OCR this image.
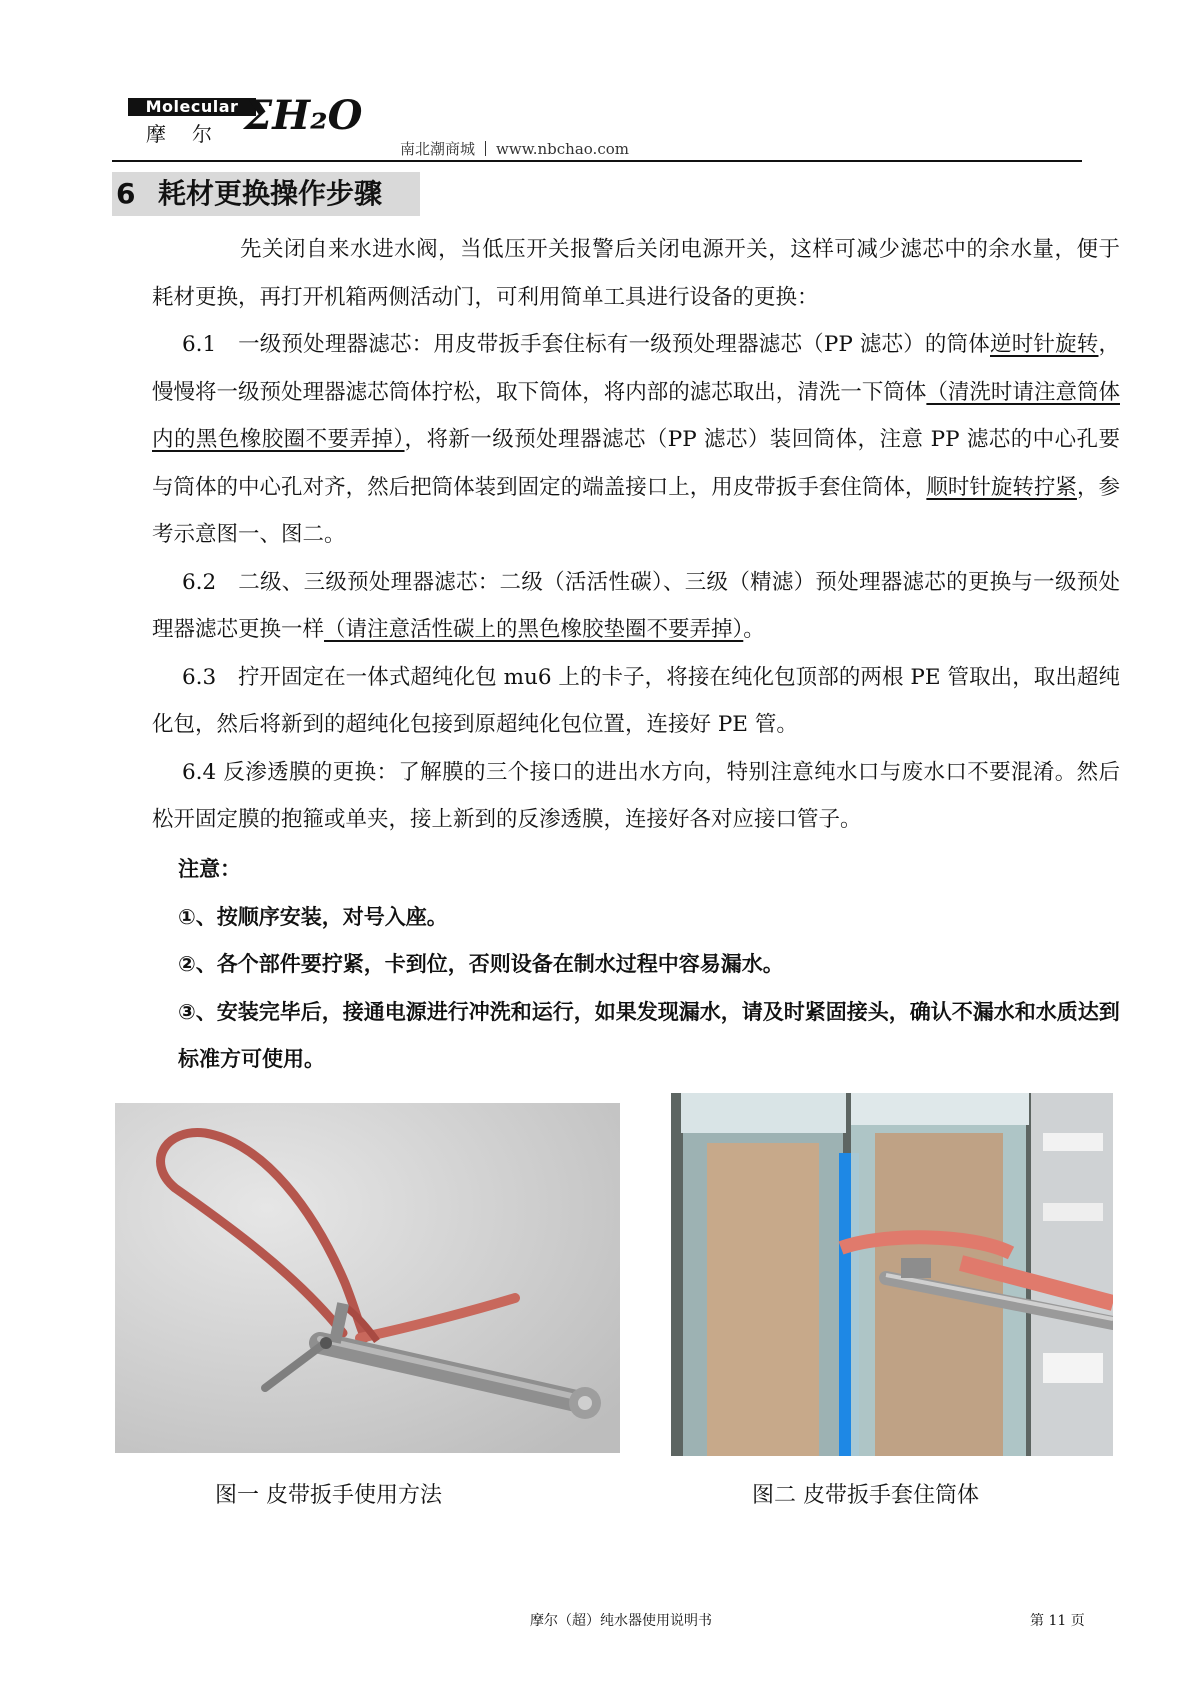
Molecular
摩尔 ΣH₂O
南北潮商城 www.nbchao.com
6 耗材更换操作步骤

先关闭自来水进水阀，当低压开关报警后关闭电源开关，这样可减少滤芯中的余水量，便于耗材更换，再打开机箱两侧活动门，可利用简单工具进行设备的更换：

6.1　一级预处理器滤芯：用皮带扳手套住标有一级预处理器滤芯（PP 滤芯）的筒体逆时针旋转，慢慢将一级预处理器滤芯筒体拧松，取下筒体，将内部的滤芯取出，清洗一下筒体（清洗时请注意筒体内的黑色橡胶圈不要弄掉），将新一级预处理器滤芯（PP 滤芯）装回筒体，注意 PP 滤芯的中心孔要与筒体的中心孔对齐，然后把筒体装到固定的端盖接口上，用皮带扳手套住筒体，顺时针旋转拧紧，参考示意图一、图二。

6.2　二级、三级预处理器滤芯：二级（活活性碳）、三级（精滤）预处理器滤芯的更换与一级预处理器滤芯更换一样（请注意活性碳上的黑色橡胶垫圈不要弄掉）。

6.3　拧开固定在一体式超纯化包 mu6 上的卡子，将接在纯化包顶部的两根 PE 管取出，取出超纯化包，然后将新到的超纯化包接到原超纯化包位置，连接好 PE 管。

6.4 反渗透膜的更换：了解膜的三个接口的进出水方向，特别注意纯水口与废水口不要混淆。然后松开固定膜的抱箍或单夹，接上新到的反渗透膜，连接好各对应接口管子。

注意：

①、按顺序安装，对号入座。

②、各个部件要拧紧，卡到位，否则设备在制水过程中容易漏水。

③、安装完毕后，接通电源进行冲洗和运行，如果发现漏水，请及时紧固接头，确认不漏水和水质达到标准方可使用。

图一 皮带扳手使用方法	图二 皮带扳手套住筒体
摩尔（超）纯水器使用说明书	第 11 页
